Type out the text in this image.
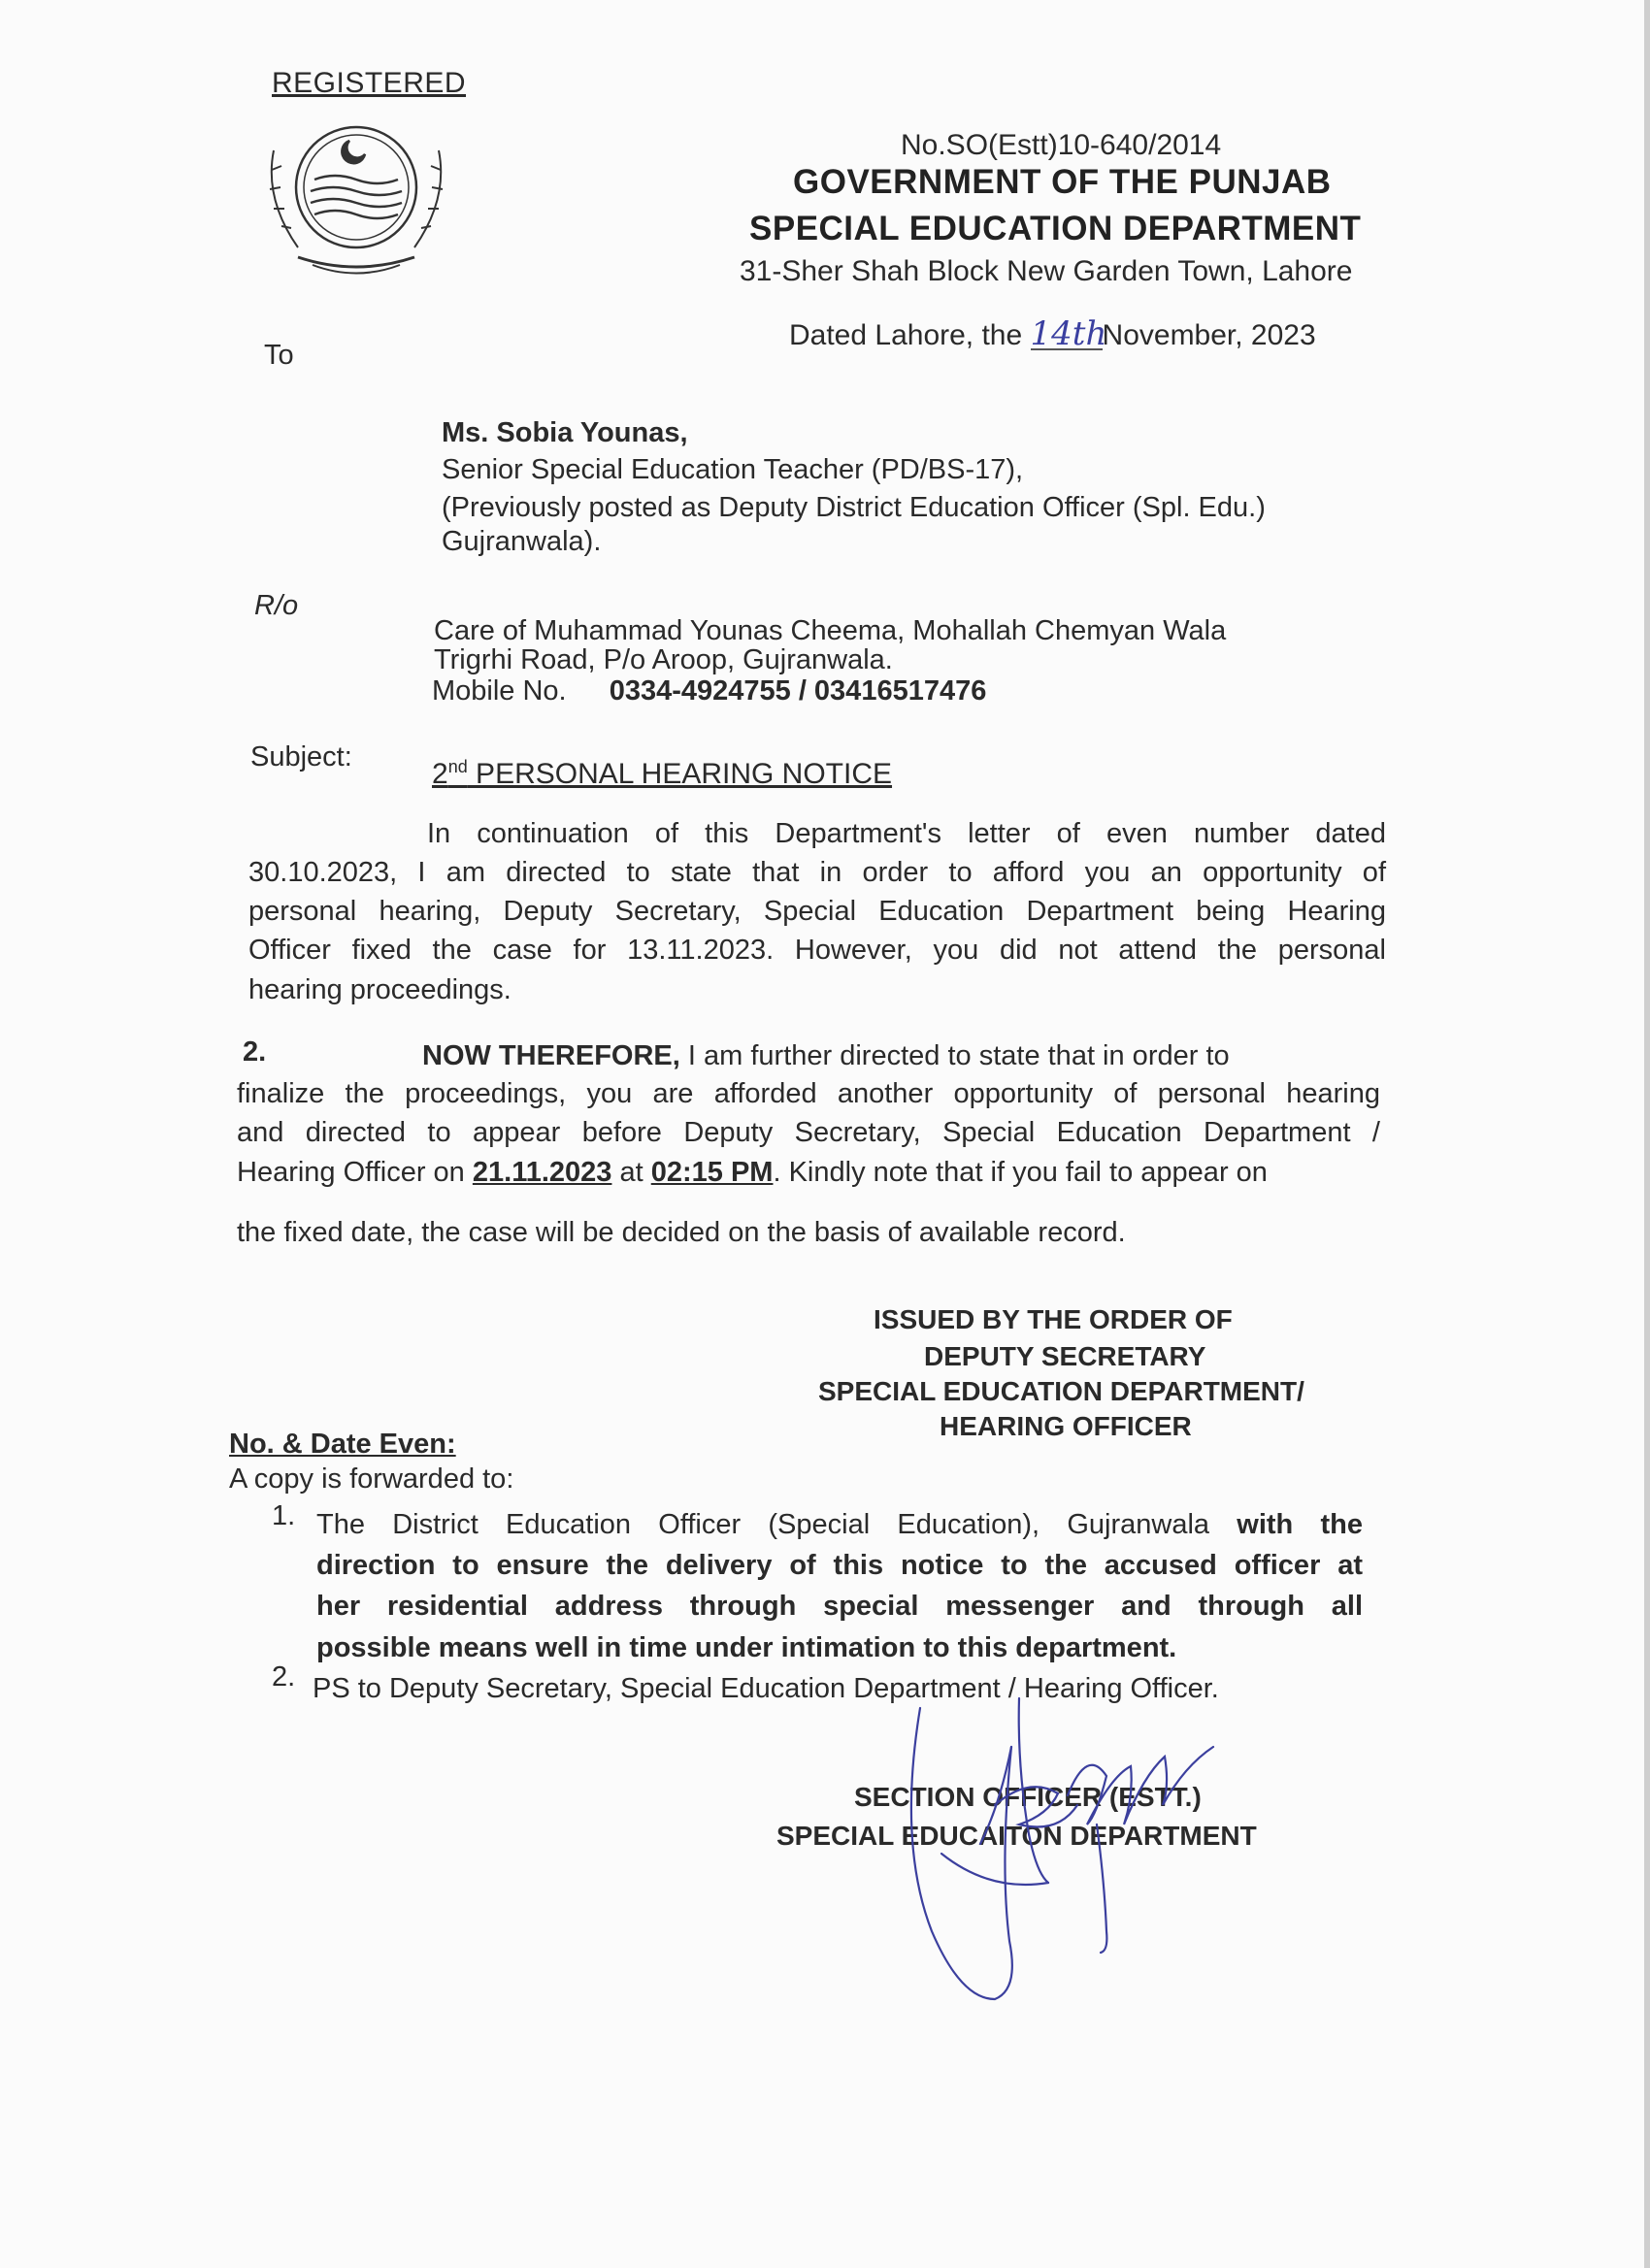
REGISTERED
No.SO(Estt)10-640/2014
GOVERNMENT OF THE PUNJAB
SPECIAL EDUCATION DEPARTMENT
31-Sher Shah Block New Garden Town, Lahore
Dated Lahore, the 14thNovember, 2023
To
Ms. Sobia Younas,
Senior Special Education Teacher (PD/BS-17),
(Previously posted as Deputy District Education Officer (Spl. Edu.)
Gujranwala).
R/o
Care of Muhammad Younas Cheema, Mohallah Chemyan Wala
Trigrhi Road, P/o Aroop, Gujranwala.
Mobile No. 0334-4924755 / 03416517476
Subject:
2nd PERSONAL HEARING NOTICE
In continuation of this Department's letter of even number dated
30.10.2023, I am directed to state that in order to afford you an opportunity of
personal hearing, Deputy Secretary, Special Education Department being Hearing
Officer fixed the case for 13.11.2023. However, you did not attend the personal
hearing proceedings.
2.	NOW THEREFORE, I am further directed to state that in order to
finalize the proceedings, you are afforded another opportunity of personal hearing
and directed to appear before Deputy Secretary, Special Education Department /
Hearing Officer on 21.11.2023 at 02:15 PM. Kindly note that if you fail to appear on
the fixed date, the case will be decided on the basis of available record.
ISSUED BY THE ORDER OF
DEPUTY SECRETARY
SPECIAL EDUCATION DEPARTMENT/
HEARING OFFICER
No. & Date Even:
A copy is forwarded to:
1. The District Education Officer (Special Education), Gujranwala with the
direction to ensure the delivery of this notice to the accused officer at
her residential address through special messenger and through all
possible means well in time under intimation to this department.
2. PS to Deputy Secretary, Special Education Department / Hearing Officer.
SECTION OFFICER (ESTT.)
SPECIAL EDUCAITON DEPARTMENT
